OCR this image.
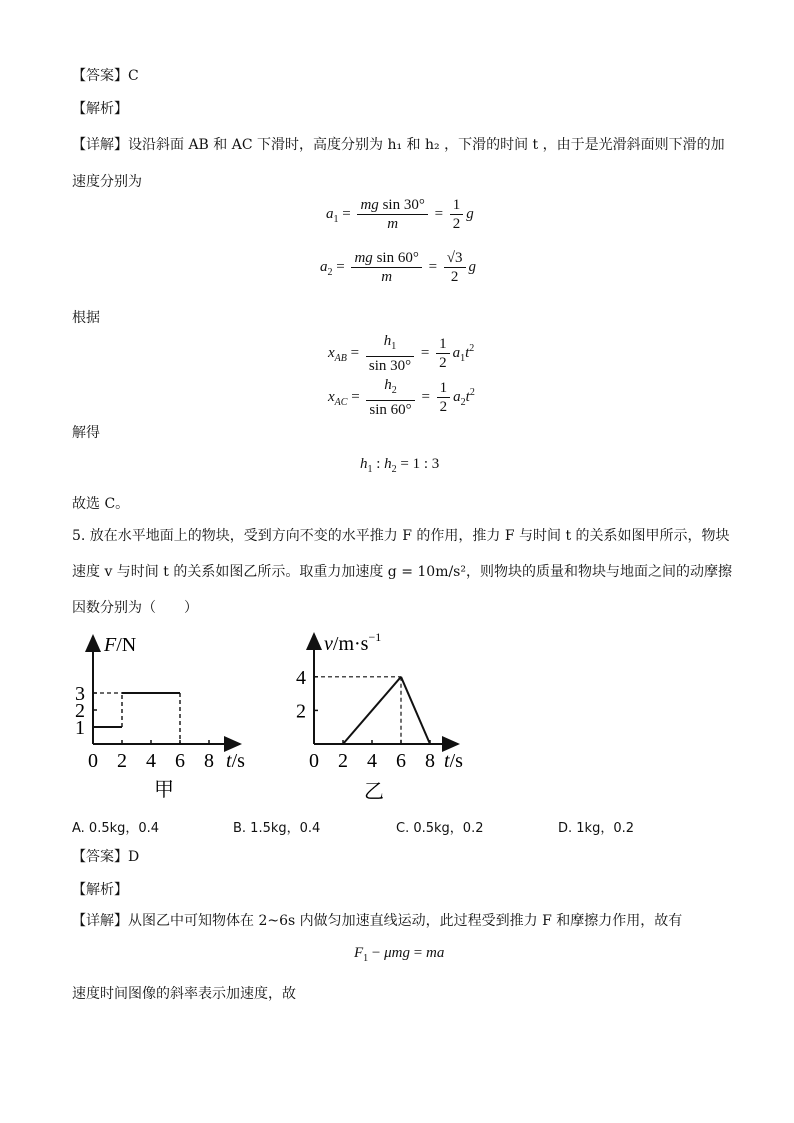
【答案】C
【解析】
【详解】设沿斜面 AB 和 AC 下滑时，高度分别为 h₁ 和 h₂ ，下滑的时间 t ，由于是光滑斜面则下滑的加
速度分别为
$a_1 = \frac{\text{mg sin 30°}}{m} = \frac{1}{2}$ g
$a_2 = \frac{\text{mg sin 60°}}{m} = \frac{√3}{2}$ g
根据
$x_{AB} = \frac{h_1}{\sin 30^\circ} = \frac{1}{2} a_1t^2$
$x_{AC} = \frac{h_2}{\sin 60^\circ} = \frac{1}{2} a_2t^2$
解得
$h_1$ : $h_2 = 1$ : 3
故选 C。
5. 放在水平地面上的物块，受到方向不变的水平推力 F 的作用，推力 F 与时间 t 的关系如图甲所示，物块
速度 v 与时间 t 的关系如图乙所示。取重力加速度 g = 10m/s²，则物块的质量和物块与地面之间的动摩擦
因数分别为（　　）
F/N
t/s
0 2 4 6 8
1
2
3
甲
$v/m\cdot s^{-1}$
t/s
0 2 4 6 8
2
4
乙
A. 0.5kg，0.4	B. 1.5kg，0.4	C. 0.5kg，0.2	D. 1kg，0.2
【答案】D
【解析】
【详解】从图乙中可知物体在 2~6s 内做匀加速直线运动，此过程受到推力 F 和摩擦力作用，故有
$F_1 - \mu mg$ = ma
速度时间图像的斜率表示加速度，故
